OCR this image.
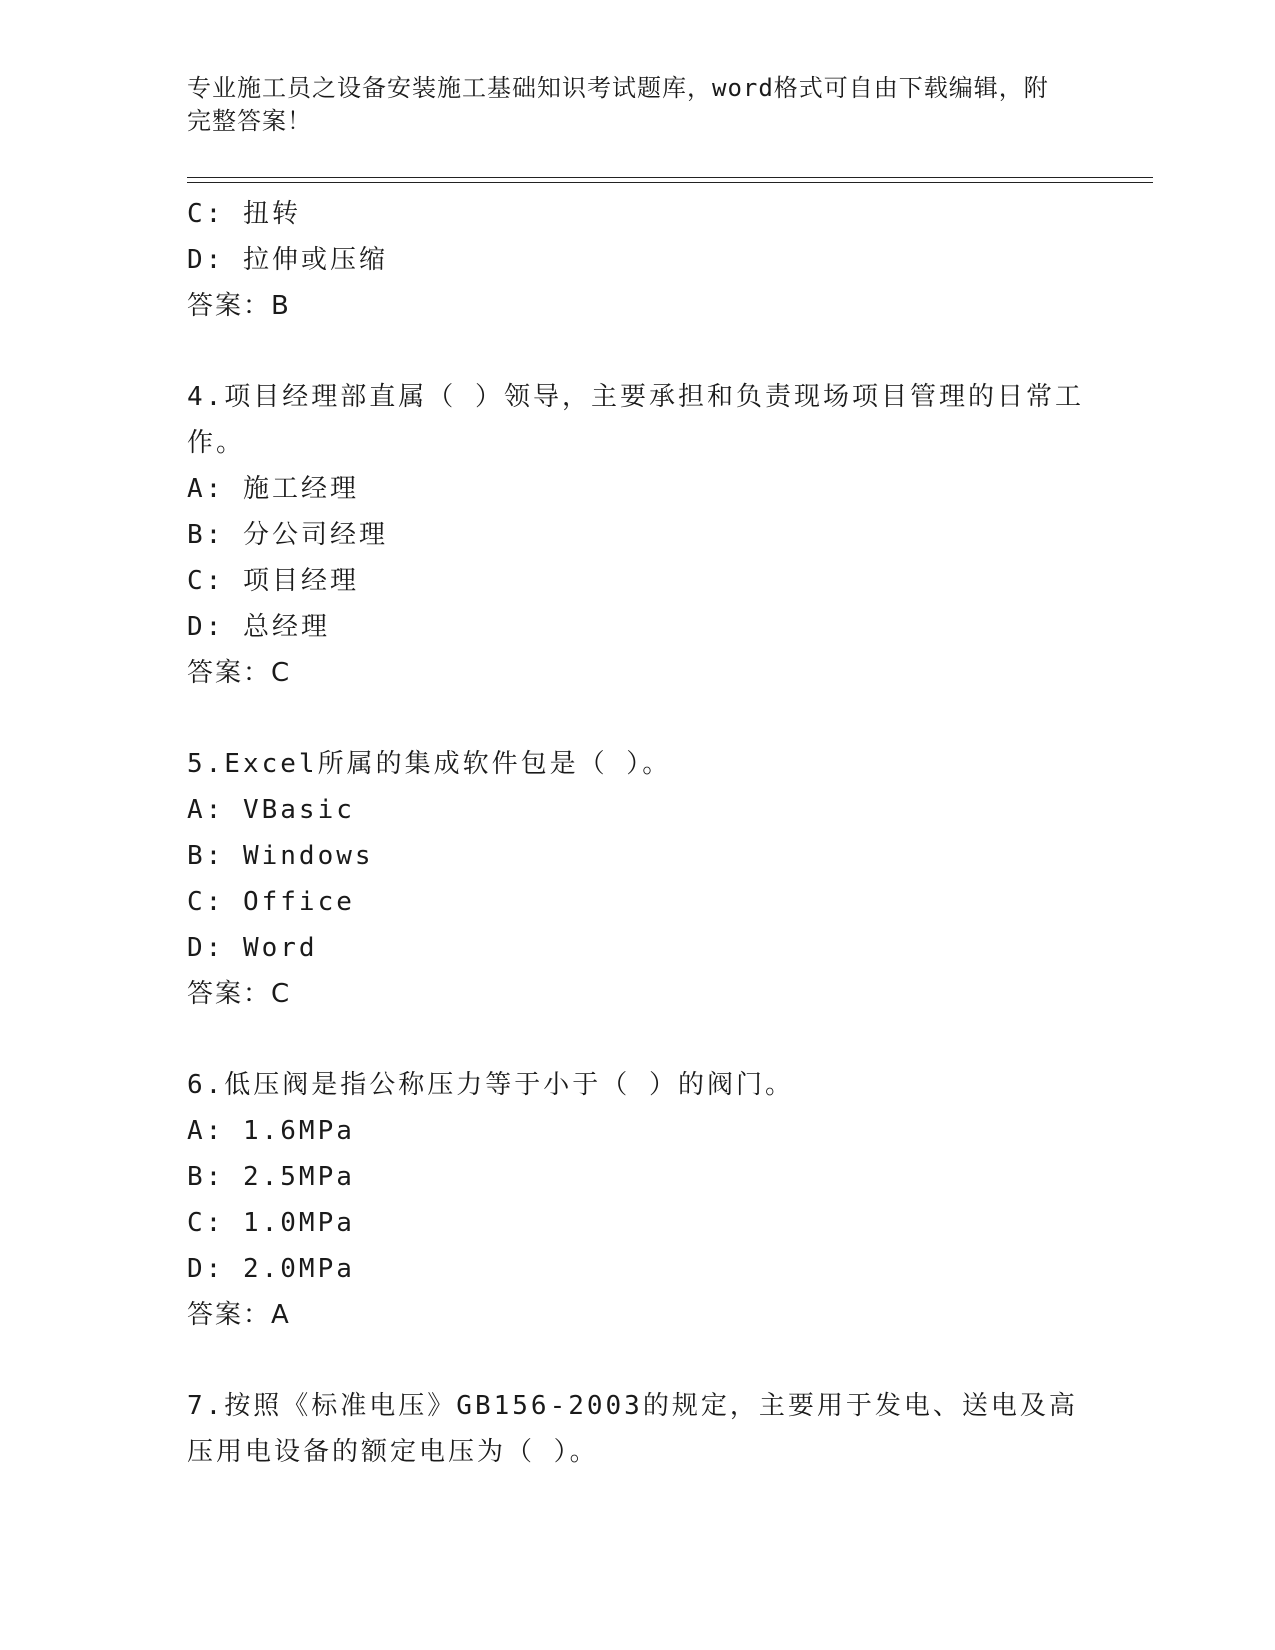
专业施工员之设备安装施工基础知识考试题库，word格式可自由下载编辑，附完整答案！
C: 扭转
D: 拉伸或压缩
答案：B
4.项目经理部直属（ ）领导，主要承担和负责现场项目管理的日常工作。
A: 施工经理
B: 分公司经理
C: 项目经理
D: 总经理
答案：C
5.Excel所属的集成软件包是（ ）。
A: VBasic
B: Windows
C: Office
D: Word
答案：C
6.低压阀是指公称压力等于小于（ ）的阀门。
A: 1.6MPa
B: 2.5MPa
C: 1.0MPa
D: 2.0MPa
答案：A
7.按照《标准电压》GB156-2003的规定，主要用于发电、送电及高压用电设备的额定电压为（ ）。
